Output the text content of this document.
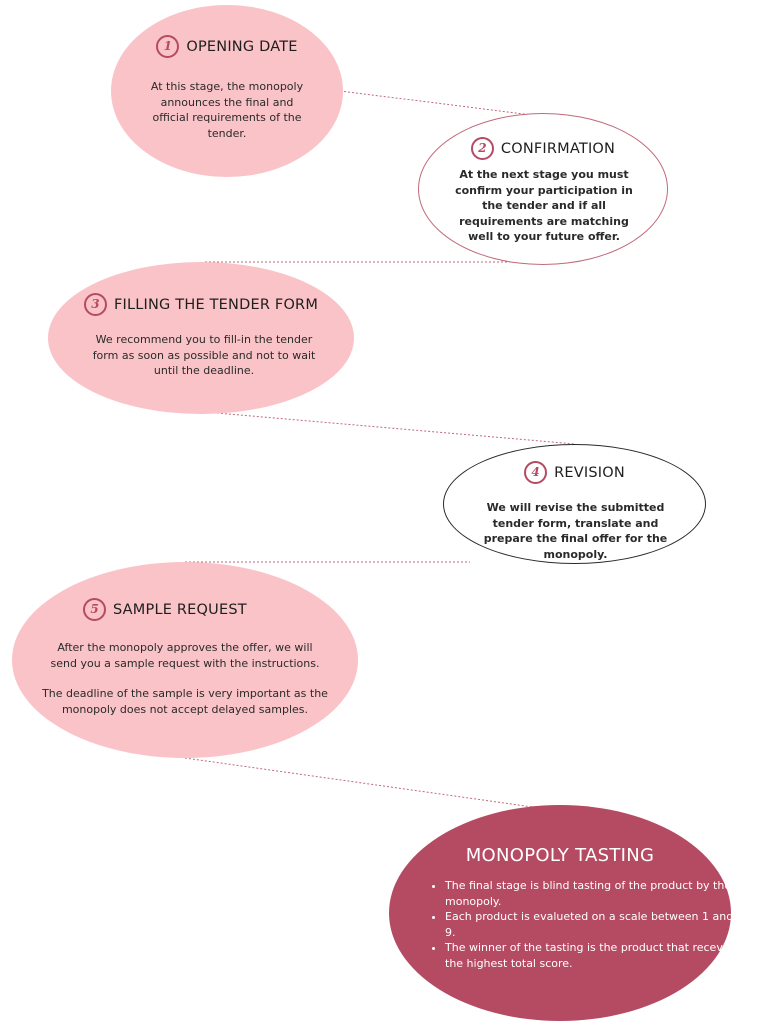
1 OPENING DATE
At this stage, the monopoly announces the final and official requirements of the tender.
2 CONFIRMATION
At the next stage you must confirm your participation in the tender and if all requirements are matching well to your future offer.
3 FILLING THE TENDER FORM
We recommend you to fill-in the tender form as soon as possible and not to wait until the deadline.
4 REVISION
We will revise the submitted tender form, translate and prepare the final offer for the monopoly.
5 SAMPLE REQUEST
After the monopoly approves the offer, we will send you a sample request with the instructions.
The deadline of the sample is very important as the monopoly does not accept delayed samples.
MONOPOLY TASTING
• The final stage is blind tasting of the product by the monopoly.
• Each product is evalueted on a scale between 1 and 9.
• The winner of the tasting is the product that recevie the highest total score.
